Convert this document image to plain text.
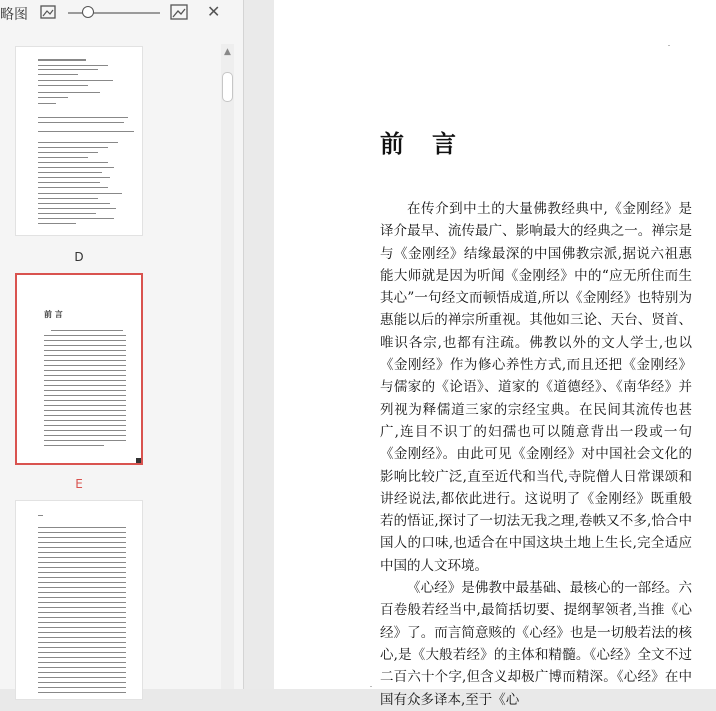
略图	✕
D
前 言
E
▲
前言

在传介到中土的大量佛教经典中,《金刚经》是译介最早、流传最广、影响最大的经典之一。禅宗是与《金刚经》结缘最深的中国佛教宗派,据说六祖惠能大师就是因为听闻《金刚经》中的“应无所住而生其心”一句经文而顿悟成道,所以《金刚经》也特别为惠能以后的禅宗所重视。其他如三论、天台、贤首、唯识各宗,也都有注疏。佛教以外的文人学士,也以《金刚经》作为修心养性方式,而且还把《金刚经》与儒家的《论语》、道家的《道德经》、《南华经》并列视为释儒道三家的宗经宝典。在民间其流传也甚广,连目不识丁的妇孺也可以随意背出一段或一句《金刚经》。由此可见《金刚经》对中国社会文化的影响比较广泛,直至近代和当代,寺院僧人日常课颂和讲经说法,都依此进行。这说明了《金刚经》既重般若的悟证,探讨了一切法无我之理,卷帙又不多,恰合中国人的口味,也适合在中国这块土地上生长,完全适应中国的人文环境。

《心经》是佛教中最基础、最核心的一部经。六百卷般若经当中,最简括切要、提纲挈领者,当推《心经》了。而言简意赅的《心经》也是一切般若法的核心,是《大般若经》的主体和精髓。《心经》全文不过二百六十个字,但含义却极广博而精深。《心经》在中国有众多译本,至于《心
